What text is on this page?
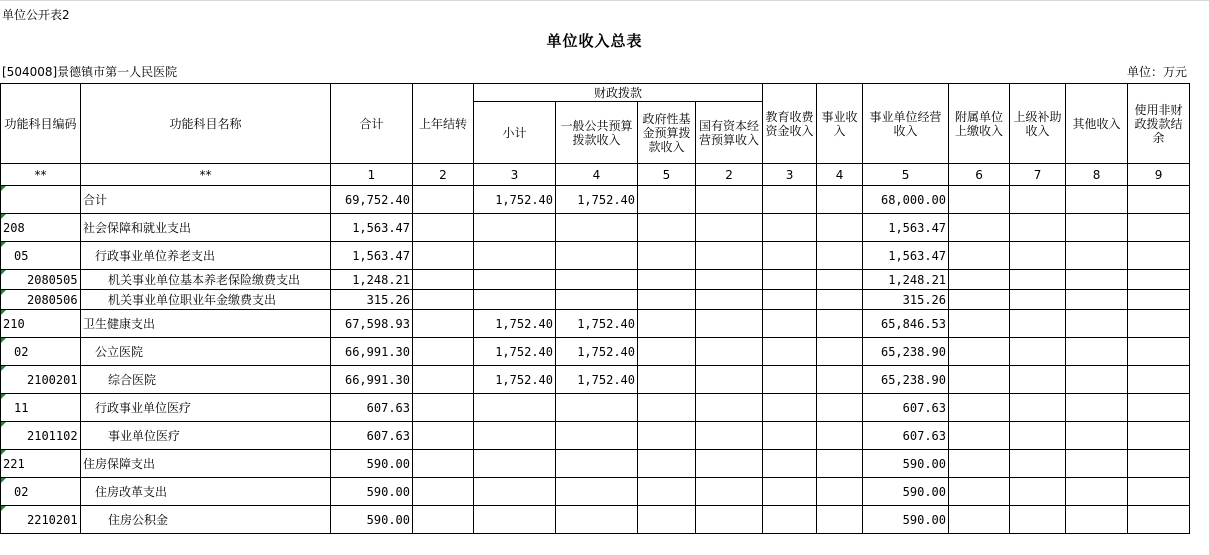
单位公开表2
单位收入总表
[504008]景德镇市第一人民医院	单位：万元
功能科目编码	功能科目名称	合计	上年结转	财政拨款				教育收费资金收入	事业收入	事业单位经营收入	附属单位上缴收入	上级补助收入	其他收入	使用非财政拨款结余
				小计	一般公共预算拨款收入	政府性基金预算拨款收入	国有资本经营预算收入							
**	**	1	2	3	4	5	2	3	4	5	6	7	8	9
	合计	69,752.40		1,752.40	1,752.40					68,000.00				
208	社会保障和就业支出	1,563.47								1,563.47				
05	行政事业单位养老支出	1,563.47								1,563.47				
2080505	机关事业单位基本养老保险缴费支出	1,248.21								1,248.21				
2080506	机关事业单位职业年金缴费支出	315.26								315.26				
210	卫生健康支出	67,598.93		1,752.40	1,752.40					65,846.53				
02	公立医院	66,991.30		1,752.40	1,752.40					65,238.90				
2100201	综合医院	66,991.30		1,752.40	1,752.40					65,238.90				
11	行政事业单位医疗	607.63								607.63				
2101102	事业单位医疗	607.63								607.63				
221	住房保障支出	590.00								590.00				
02	住房改革支出	590.00								590.00				
2210201	住房公积金	590.00								590.00				
